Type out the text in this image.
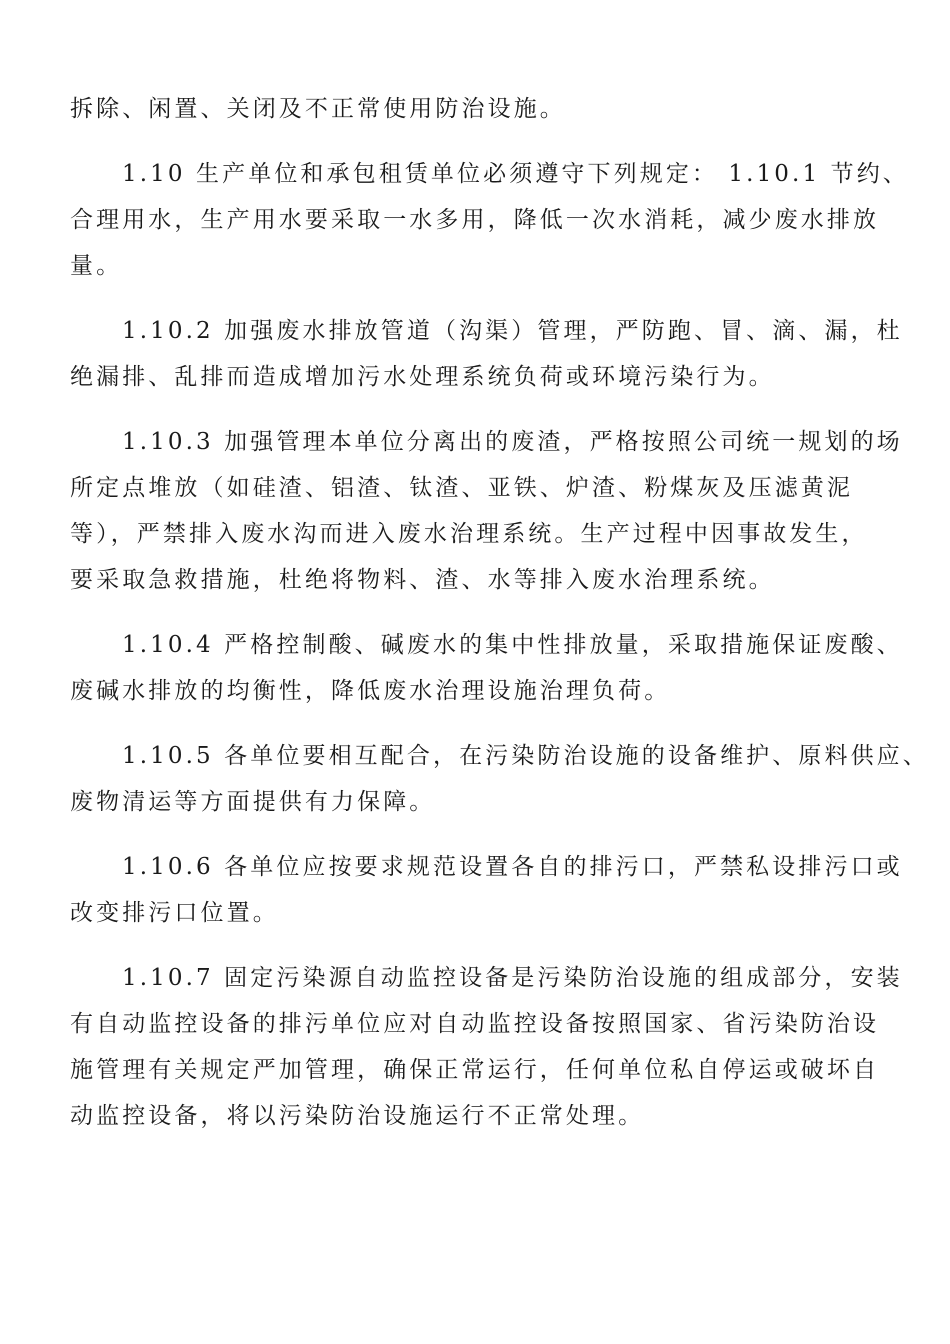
拆除、闲置、关闭及不正常使用防治设施。

1.10 生产单位和承包租赁单位必须遵守下列规定： 1.10.1 节约、

合理用水，生产用水要采取一水多用，降低一次水消耗，减少废水排放

量。

1.10.2 加强废水排放管道（沟渠）管理，严防跑、冒、滴、漏，杜

绝漏排、乱排而造成增加污水处理系统负荷或环境污染行为。

1.10.3 加强管理本单位分离出的废渣，严格按照公司统一规划的场

所定点堆放（如硅渣、铝渣、钛渣、亚铁、炉渣、粉煤灰及压滤黄泥

等），严禁排入废水沟而进入废水治理系统。生产过程中因事故发生，

要采取急救措施，杜绝将物料、渣、水等排入废水治理系统。

1.10.4 严格控制酸、碱废水的集中性排放量，采取措施保证废酸、

废碱水排放的均衡性，降低废水治理设施治理负荷。

1.10.5 各单位要相互配合，在污染防治设施的设备维护、原料供应、

废物清运等方面提供有力保障。

1.10.6 各单位应按要求规范设置各自的排污口，严禁私设排污口或

改变排污口位置。

1.10.7 固定污染源自动监控设备是污染防治设施的组成部分，安装

有自动监控设备的排污单位应对自动监控设备按照国家、省污染防治设

施管理有关规定严加管理，确保正常运行，任何单位私自停运或破坏自

动监控设备，将以污染防治设施运行不正常处理。
